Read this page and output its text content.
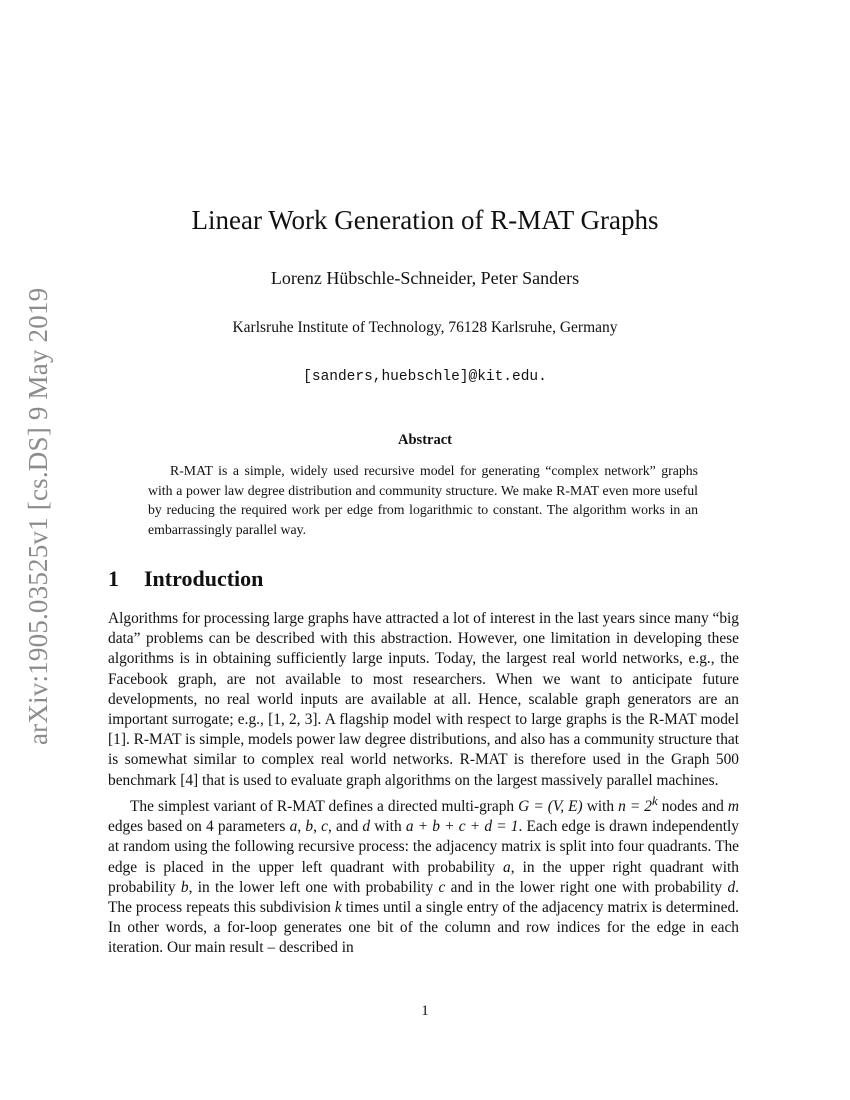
arXiv:1905.03525v1 [cs.DS] 9 May 2019
Linear Work Generation of R-MAT Graphs
Lorenz Hübschle-Schneider, Peter Sanders
Karlsruhe Institute of Technology, 76128 Karlsruhe, Germany
[sanders,huebschle]@kit.edu.
Abstract
R-MAT is a simple, widely used recursive model for generating “complex network” graphs with a power law degree distribution and community structure. We make R-MAT even more useful by reducing the required work per edge from logarithmic to constant. The algorithm works in an embarrassingly parallel way.
1 Introduction

Algorithms for processing large graphs have attracted a lot of interest in the last years since many “big data” problems can be described with this abstraction. However, one limitation in developing these algorithms is in obtaining sufficiently large inputs. Today, the largest real world networks, e.g., the Facebook graph, are not available to most researchers. When we want to anticipate future developments, no real world inputs are available at all. Hence, scalable graph generators are an important surrogate; e.g., [1, 2, 3]. A flagship model with respect to large graphs is the R-MAT model [1]. R-MAT is simple, models power law degree distributions, and also has a community structure that is somewhat similar to complex real world networks. R-MAT is therefore used in the Graph 500 benchmark [4] that is used to evaluate graph algorithms on the largest massively parallel machines.

The simplest variant of R-MAT defines a directed multi-graph G = (V, E) with $n = 2^k$ nodes and m edges based on 4 parameters a, b, c, and d with a + b + c + d = 1. Each edge is drawn independently at random using the following recursive process: the adjacency matrix is split into four quadrants. The edge is placed in the upper left quadrant with probability a, in the upper right quadrant with probability b, in the lower left one with probability c and in the lower right one with probability d. The process repeats this subdivision k times until a single entry of the adjacency matrix is determined. In other words, a for-loop generates one bit of the column and row indices for the edge in each iteration. Our main result – described in

1
